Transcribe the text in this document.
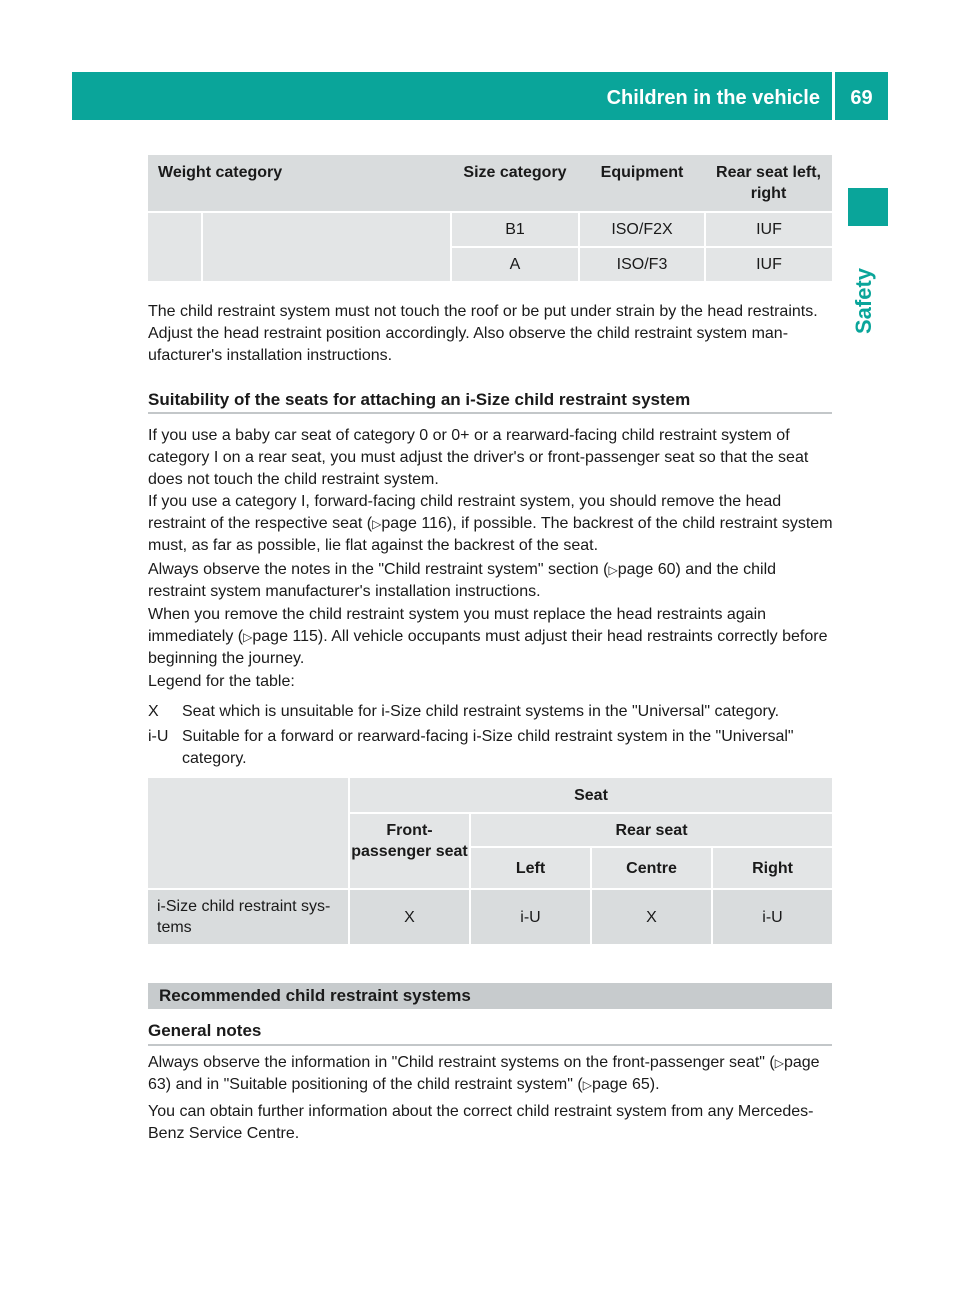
Children in the vehicle	69
Safety
Weight category		Size category	Equipment	Rear seat left, right
		B1	ISO/F2X	IUF
		A	ISO/F3	IUF

The child restraint system must not touch the roof or be put under strain by the head restraints. Adjust the head restraint position accordingly. Also observe the child restraint system man-ufacturer's installation instructions.

Suitability of the seats for attaching an i-Size child restraint system

If you use a baby car seat of category 0 or 0+ or a rearward-facing child restraint system of category I on a rear seat, you must adjust the driver's or front-passenger seat so that the seat does not touch the child restraint system.

If you use a category I, forward-facing child restraint system, you should remove the head restraint of the respective seat (▷page 116), if possible. The backrest of the child restraint system must, as far as possible, lie flat against the backrest of the seat.

Always observe the notes in the "Child restraint system" section (▷page 60) and the child restraint system manufacturer's installation instructions.

When you remove the child restraint system you must replace the head restraints again immediately (▷page 115). All vehicle occupants must adjust their head restraints correctly before beginning the journey.

Legend for the table:

X Seat which is unsuitable for i-Size child restraint systems in the "Universal" category.
i-U Suitable for a forward or rearward-facing i-Size child restraint system in the "Universal" category.
	Seat			
	Front-passenger seat	Rear seat		
		Left	Centre	Right
i-Size child restraint sys-tems	X	i-U	X	i-U
Recommended child restraint systems
General notes

Always observe the information in "Child restraint systems on the front-passenger seat" (▷page 63) and in "Suitable positioning of the child restraint system" (▷page 65).

You can obtain further information about the correct child restraint system from any Mercedes-Benz Service Centre.
